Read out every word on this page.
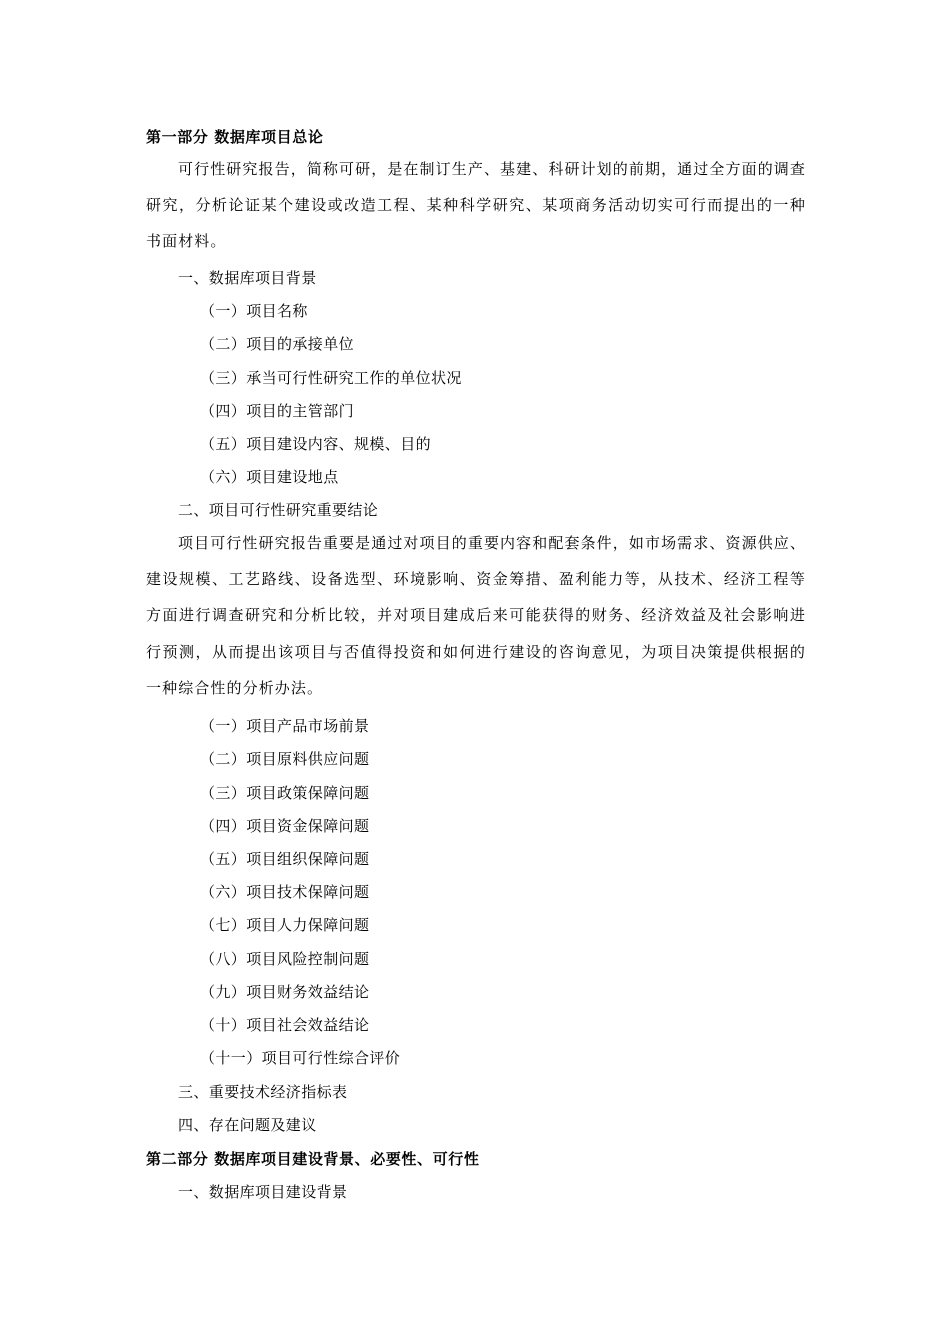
第一部分 数据库项目总论
可行性研究报告，简称可研，是在制订生产、基建、科研计划的前期，通过全方面的调查研究，分析论证某个建设或改造工程、某种科学研究、某项商务活动切实可行而提出的一种书面材料。
一、数据库项目背景
（一）项目名称
（二）项目的承接单位
（三）承当可行性研究工作的单位状况
（四）项目的主管部门
（五）项目建设内容、规模、目的
（六）项目建设地点
二、项目可行性研究重要结论
项目可行性研究报告重要是通过对项目的重要内容和配套条件，如市场需求、资源供应、建设规模、工艺路线、设备选型、环境影响、资金筹措、盈利能力等，从技术、经济工程等方面进行调查研究和分析比较，并对项目建成后来可能获得的财务、经济效益及社会影响进行预测，从而提出该项目与否值得投资和如何进行建设的咨询意见，为项目决策提供根据的一种综合性的分析办法。
（一）项目产品市场前景
（二）项目原料供应问题
（三）项目政策保障问题
（四）项目资金保障问题
（五）项目组织保障问题
（六）项目技术保障问题
（七）项目人力保障问题
（八）项目风险控制问题
（九）项目财务效益结论
（十）项目社会效益结论
（十一）项目可行性综合评价
三、重要技术经济指标表
四、存在问题及建议
第二部分 数据库项目建设背景、必要性、可行性
一、数据库项目建设背景
